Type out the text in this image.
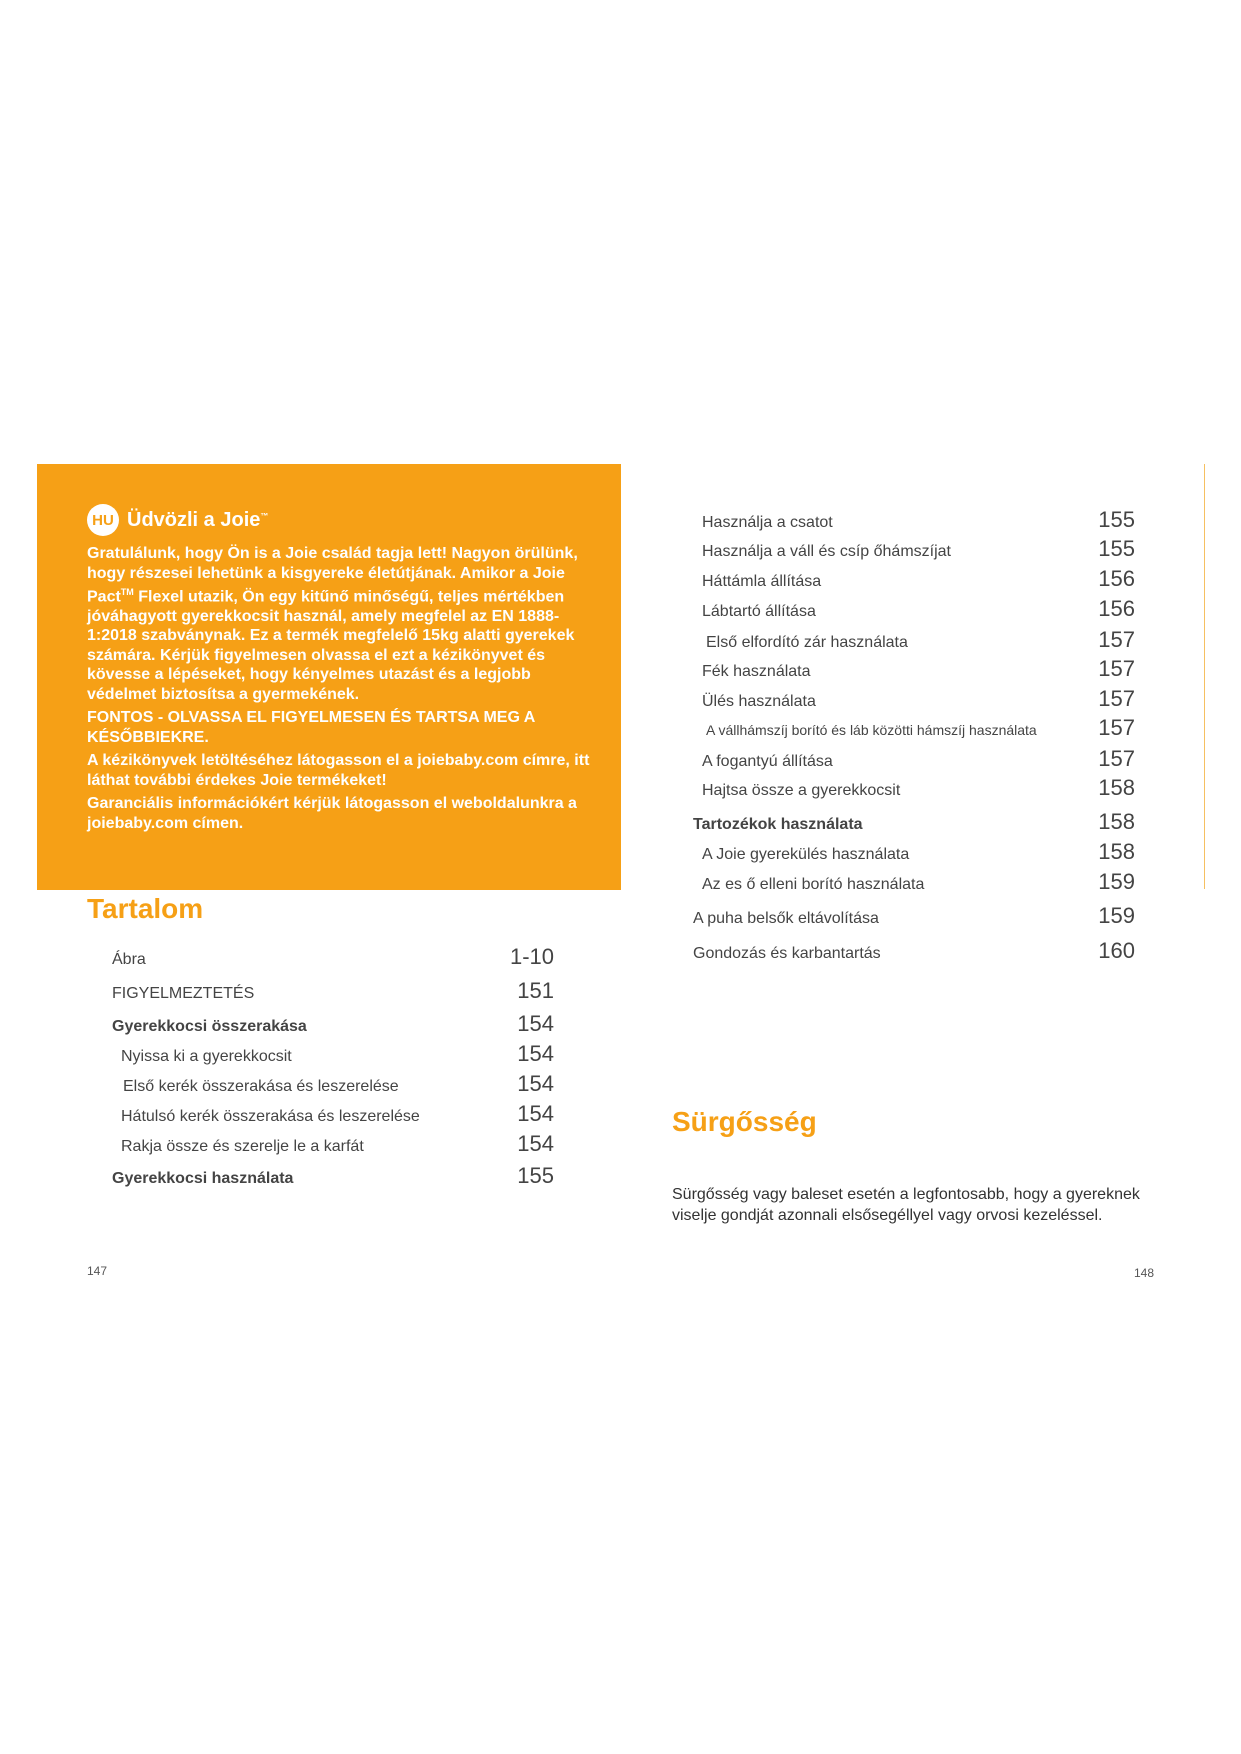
HU Üdvözli a Joie™

Gratulálunk, hogy Ön is a Joie család tagja lett! Nagyon örülünk, hogy részesei lehetünk a kisgyereke életútjának. Amikor a Joie Pact™ Flexel utazik, Ön egy kitűnő minőségű, teljes mértékben jóváhagyott gyerekkocsit használ, amely megfelel az EN 1888-1:2018 szabványnak. Ez a termék megfelelő 15kg alatti gyerekek számára. Kérjük figyelmesen olvassa el ezt a kézikönyvet és kövesse a lépéseket, hogy kényelmes utazást és a legjobb védelmet biztosítsa a gyermekének.

FONTOS - OLVASSA EL FIGYELMESEN ÉS TARTSA MEG A KÉSŐBBIEKRE.

A kézikönyvek letöltéséhez látogasson el a joiebaby.com címre, itt láthat további érdekes Joie termékeket!

Garanciális információkért kérjük látogasson el weboldalunkra a joiebaby.com címen.

Tartalom
Ábra	1-10
FIGYELMEZTETÉS	151
Gyerekkocsi összerakása	154
Nyissa ki a gyerekkocsit	154
Első kerék összerakása és leszerelése	154
Hátulsó kerék összerakása és leszerelése	154
Rakja össze és szerelje le a karfát	154
Gyerekkocsi használata	155
Használja a csatot	155
Használja a váll és csíp őhámszíjat	155
Háttámla állítása	156
Lábtartó állítása	156
Első elfordító zár használata	157
Fék használata	157
Ülés használata	157
A vállhámszíj borító és láb közötti hámszíj használata	157
A fogantyú állítása	157
Hajtsa össze a gyerekkocsit	158
Tartozékok használata	158
A Joie gyerekülés használata	158
Az es ő elleni borító használata	159
A puha belsők eltávolítása	159
Gondozás és karbantartás	160
Sürgősség

Sürgősség vagy baleset esetén a legfontosabb, hogy a gyereknek viselje gondját azonnali elsősegéllyel vagy orvosi kezeléssel.

147	148
